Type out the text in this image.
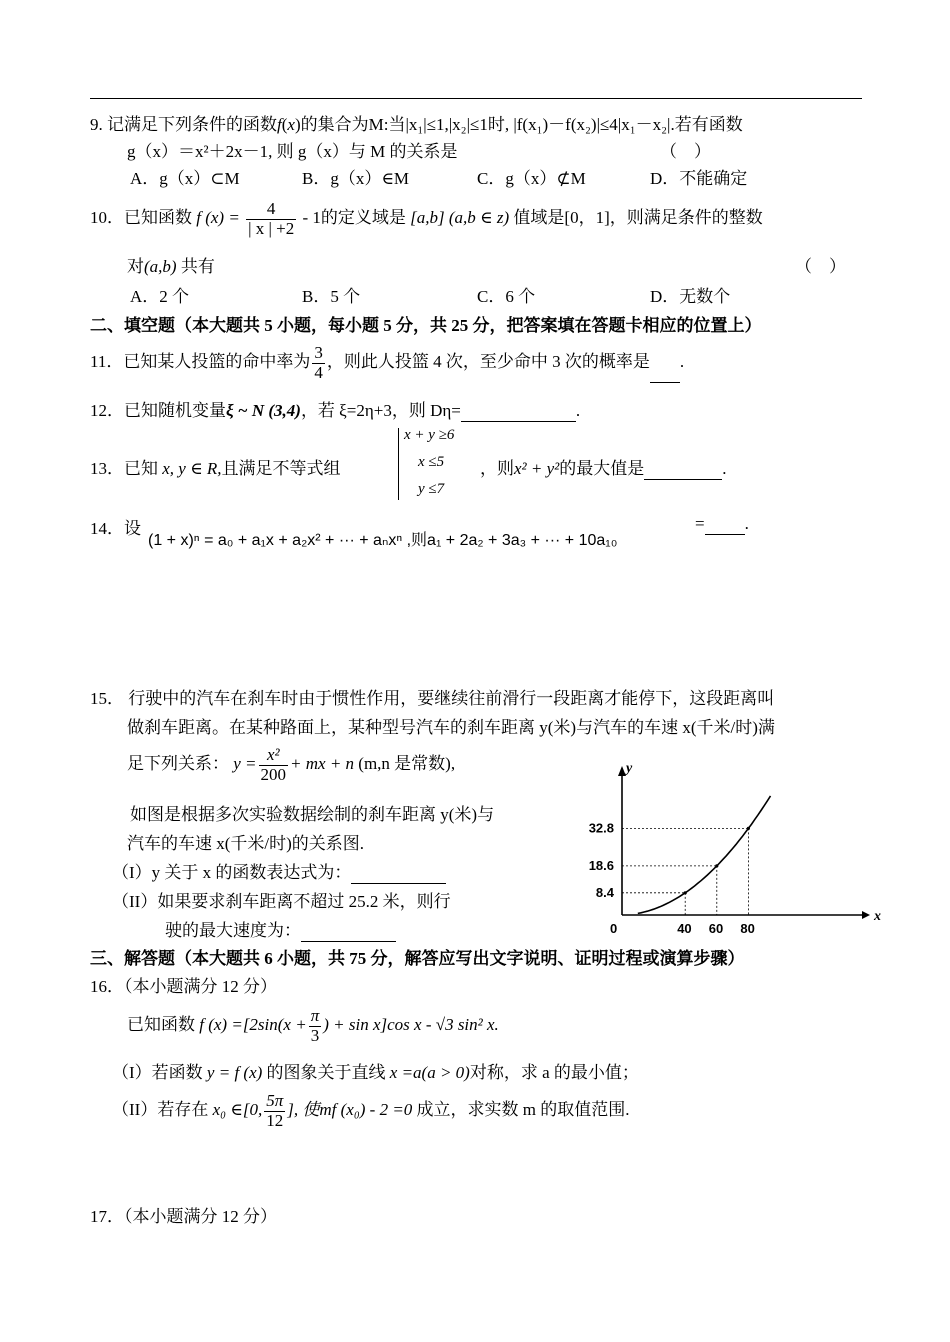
9. 记满足下列条件的函数f(x)的集合为M:当|x₁|≤1,|x₂|≤1时, |f(x₁)－f(x₂)|≤4|x₁－x₂|.若有函数
g（x）＝x²＋2x－1, 则 g（x）与 M 的关系是	（　）
A．g（x）⊂M	B．g（x）∈M	C．g（x）⊄M	D．不能确定
10．已知函数 f $(x) = \frac{4}{| x | +2} - 1$的定义域是 [a,b] (a,b ∈ z) 值域是[0，1]，则满足条件的整数
对(a,b) 共有	（　）
A．2 个	B．5 个	C．6 个	D．无数个
二、填空题（本大题共 5 小题，每小题 5 分，共 25 分，把答案填在答题卡相应的位置上）
11．已知某人投篮的命中率为 $\frac{3}{4}$ ，则此人投篮 4 次，至少命中 3 次的概率是 .
12．已知随机变量ξ ~ N (3,4)，若 ξ=2η+3，则 Dη=	.
13．已知 x, y ∈ R,且满足不等式组
x + y ≥6
x ≤5
y ≤7
，则x² + y²的最大值是	.
14．设
(1 + x)ⁿ = a₀ + a₁x + a₂x² + ··· + aₙxⁿ ,则a₁ + 2a₂ + 3a₃ + ··· + 10a₁₀
= .
15． 行驶中的汽车在刹车时由于惯性作用，要继续往前滑行一段距离才能停下，这段距离叫
做刹车距离。在某种路面上，某种型号汽车的刹车距离 y(米)与汽车的车速 x(千米/时)满
足下列关系： $y = \frac{\text{x²}}{200}$ + mx + n (m,n 是常数),
如图是根据多次实验数据绘制的刹车距离 y(米)与
汽车的车速 x(千米/时)的关系图.
（I）y 关于 x 的函数表达式为：
（II）如果要求刹车距离不超过 25.2 米，则行
驶的最大速度为：
x
y
0	40
8.4
60
18.6
80
32.8
三、解答题（本大题共 6 小题，共 75 分，解答应写出文字说明、证明过程或演算步骤）
16．（本小题满分 12 分）
已知函数 f $(x) =[2\sin(x + \frac{\pi}{3}$ ) + sin x]cos x - √3 sin² x.
（I）若函数 y = f (x) 的图象关于直线 x =a(a > 0)对称，求 a 的最小值；
（II）若存在 x₀ ∈[0, $\frac{5\pi}{12}$ ], 使mf (x₀) - 2 =0 成立，求实数 m 的取值范围.
17．（本小题满分 12 分）
